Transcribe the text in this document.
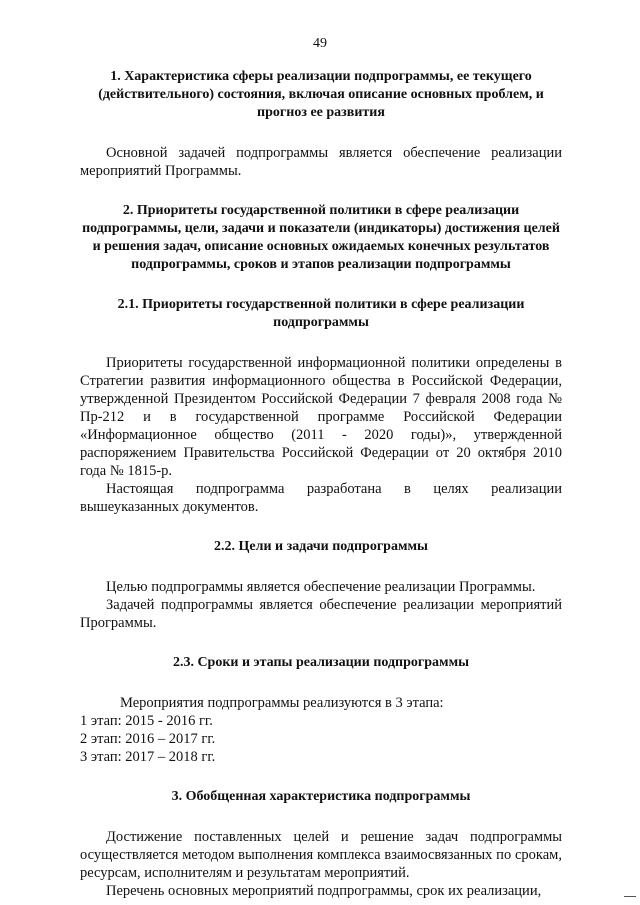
49

1. Характеристика сферы реализации подпрограммы, ее текущего (действительного) состояния, включая описание основных проблем, и прогноз ее развития

Основной задачей подпрограммы является обеспечение реализации мероприятий Программы.

2. Приоритеты государственной политики в сфере реализации подпрограммы, цели, задачи и показатели (индикаторы) достижения целей и решения задач, описание основных ожидаемых конечных результатов подпрограммы, сроков и этапов реализации подпрограммы

2.1. Приоритеты государственной политики в сфере реализации подпрограммы

Приоритеты государственной информационной политики определены в Стратегии развития информационного общества в Российской Федерации, утвержденной Президентом Российской Федерации 7 февраля 2008 года № Пр-212 и в государственной программе Российской Федерации «Информационное общество (2011 - 2020 годы)», утвержденной распоряжением Правительства Российской Федерации от 20 октября 2010 года № 1815-р.

Настоящая подпрограмма разработана в целях реализации вышеуказанных документов.

2.2. Цели и задачи подпрограммы

Целью подпрограммы является обеспечение реализации Программы.

Задачей подпрограммы является обеспечение реализации мероприятий Программы.

2.3. Сроки и этапы реализации подпрограммы

Мероприятия подпрограммы реализуются в 3 этапа:

1 этап: 2015 - 2016 гг.

2 этап: 2016 – 2017 гг.

3 этап: 2017 – 2018 гг.

3. Обобщенная характеристика подпрограммы

Достижение поставленных целей и решение задач подпрограммы осуществляется методом выполнения комплекса взаимосвязанных по срокам, ресурсам, исполнителям и результатам мероприятий.

Перечень основных мероприятий подпрограммы, срок их реализации,
